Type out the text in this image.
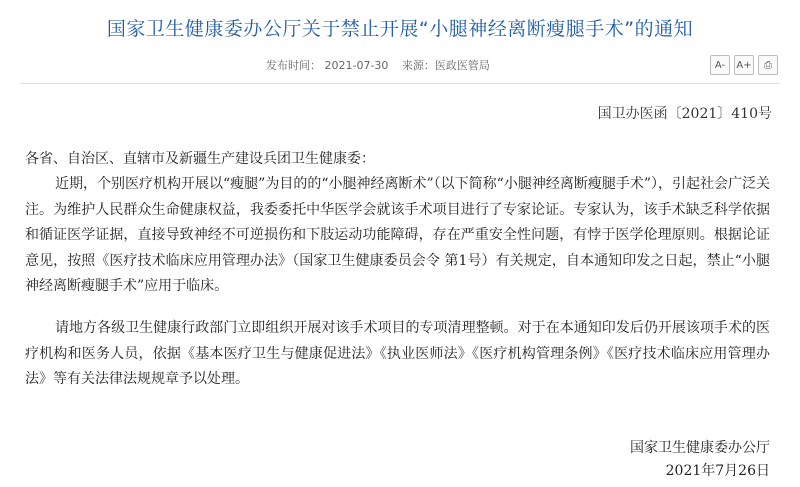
国家卫生健康委办公厅关于禁止开展“小腿神经离断瘦腿手术”的通知
发布时间： 2021-07-30 来源：医政医管局	A-	A+	⎙
国卫办医函〔2021〕410号
各省、自治区、直辖市及新疆生产建设兵团卫生健康委：
近期，个别医疗机构开展以“瘦腿”为目的的“小腿神经离断术”（以下简称“小腿神经离断瘦腿手术”），引起社会广泛关注。为维护人民群众生命健康权益，我委委托中华医学会就该手术项目进行了专家论证。专家认为，该手术缺乏科学依据和循证医学证据，直接导致神经不可逆损伤和下肢运动功能障碍，存在严重安全性问题，有悖于医学伦理原则。根据论证意见，按照《医疗技术临床应用管理办法》（国家卫生健康委员会令 第1号）有关规定，自本通知印发之日起，禁止“小腿神经离断瘦腿手术”应用于临床。
请地方各级卫生健康行政部门立即组织开展对该手术项目的专项清理整顿。对于在本通知印发后仍开展该项手术的医疗机构和医务人员，依据《基本医疗卫生与健康促进法》《执业医师法》《医疗机构管理条例》《医疗技术临床应用管理办法》等有关法律法规规章予以处理。
国家卫生健康委办公厅
2021年7月26日
